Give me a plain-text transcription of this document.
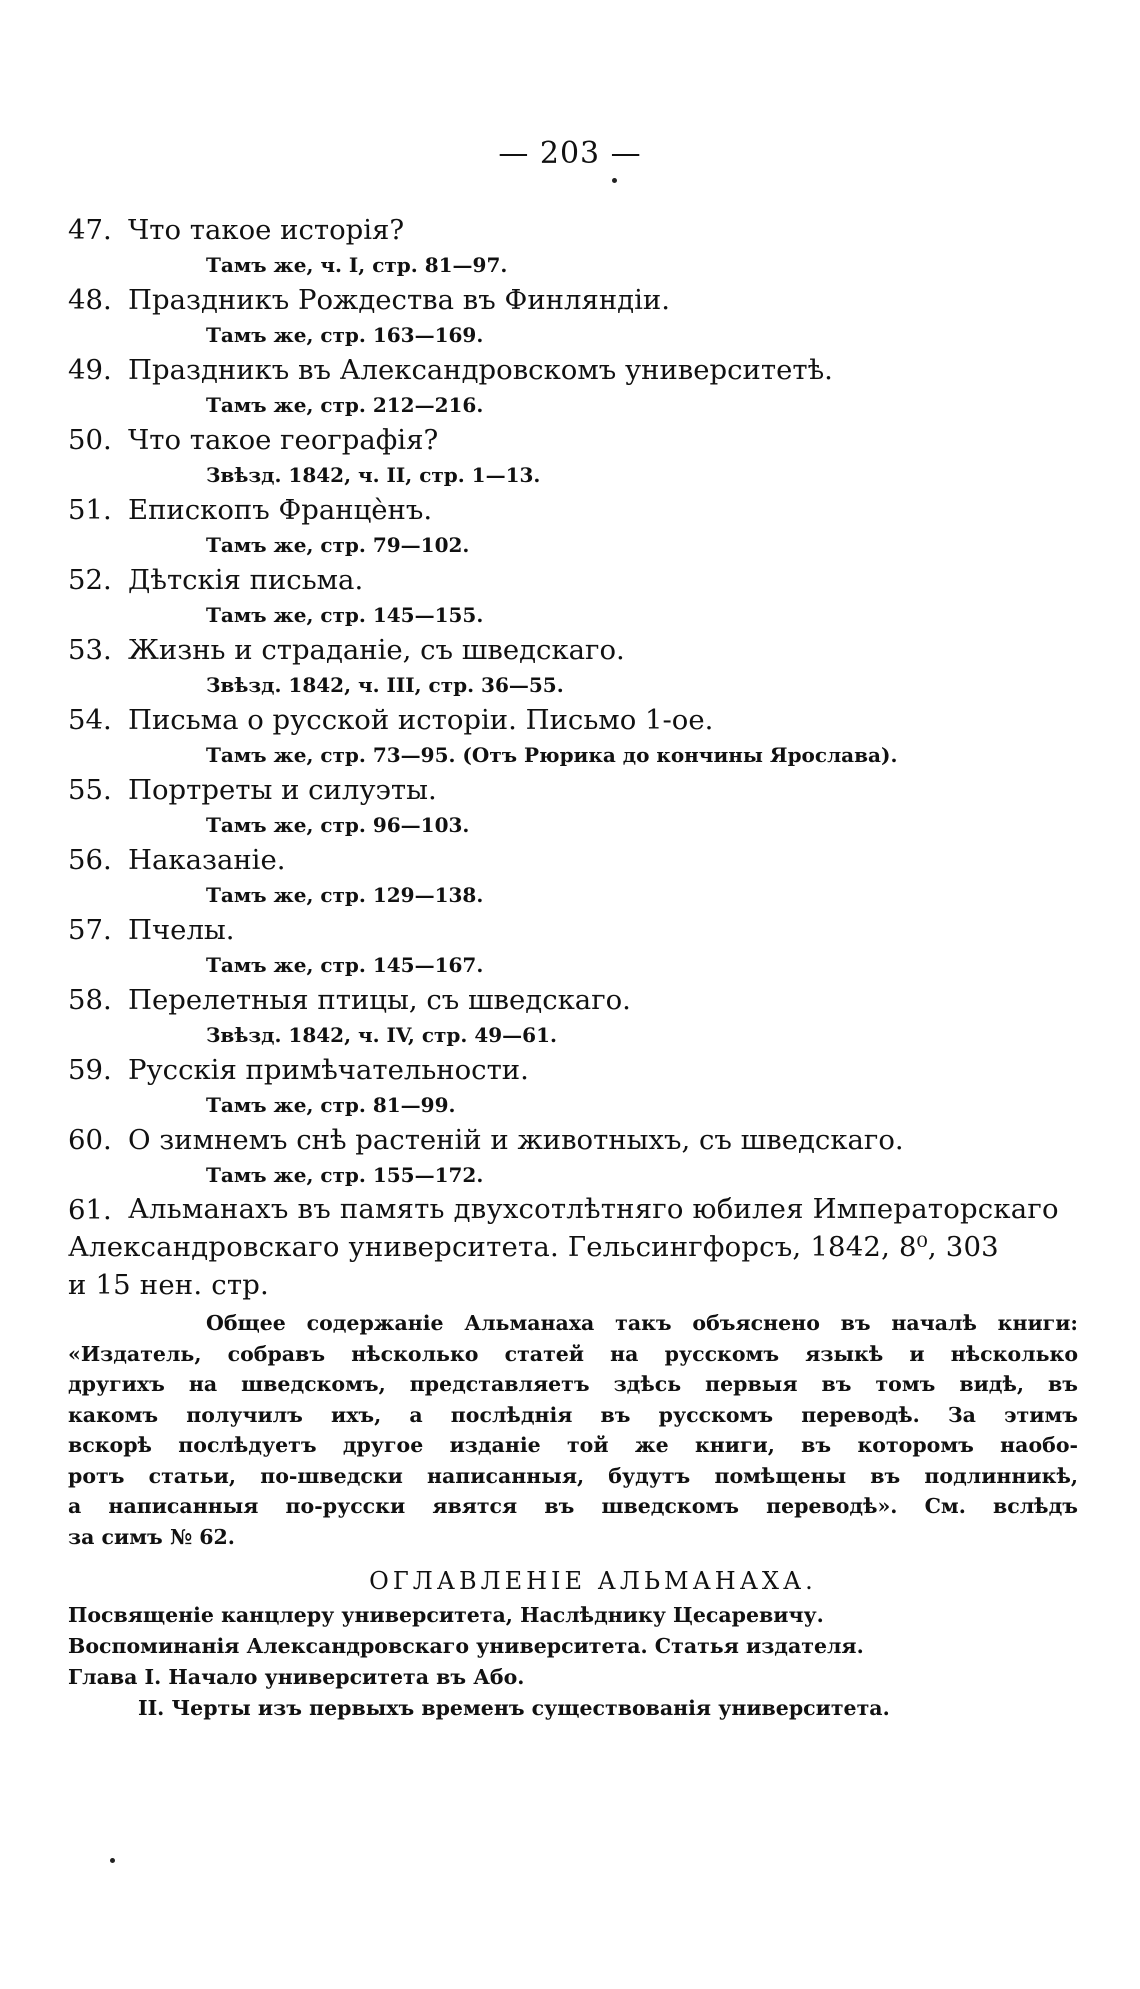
— 203 —
47. Что такое исторія?
Тамъ же, ч. I, стр. 81—97.
48. Праздникъ Рождества въ Финляндіи.
Тамъ же, стр. 163—169.
49. Праздникъ въ Александровскомъ университетѣ.
Тамъ же, стр. 212—216.
50. Что такое географія?
Звѣзд. 1842, ч. II, стр. 1—13.
51. Епископъ Францѐнъ.
Тамъ же, стр. 79—102.
52. Дѣтскія письма.
Тамъ же, стр. 145—155.
53. Жизнь и страданіе, съ шведскаго.
Звѣзд. 1842, ч. III, стр. 36—55.
54. Письма о русской исторіи. Письмо 1-ое.
Тамъ же, стр. 73—95. (Отъ Рюрика до кончины Ярослава).
55. Портреты и силуэты.
Тамъ же, стр. 96—103.
56. Наказаніе.
Тамъ же, стр. 129—138.
57. Пчелы.
Тамъ же, стр. 145—167.
58. Перелетныя птицы, съ шведскаго.
Звѣзд. 1842, ч. IV, стр. 49—61.
59. Русскія примѣчательности.
Тамъ же, стр. 81—99.
60. О зимнемъ снѣ растеній и животныхъ, съ шведскаго.
Тамъ же, стр. 155—172.
61. Альманахъ въ память двухсотлѣтняго юбилея Императорскаго
Александровскаго университета. Гельсингфорсъ, 1842, 8⁰, 303
и 15 нен. стр.
Общее содержаніе Альманаха такъ объяснено въ началѣ книги:
«Издатель, собравъ нѣсколько статей на русскомъ языкѣ и нѣсколько
другихъ на шведскомъ, представляетъ здѣсь первыя въ томъ видѣ, въ
какомъ получилъ ихъ, а послѣднія въ русскомъ переводѣ. За этимъ
вскорѣ послѣдуетъ другое изданіе той же книги, въ которомъ наобо-
ротъ статьи, по-шведски написанныя, будутъ помѣщены въ подлинникѣ,
а написанныя по-русски явятся въ шведскомъ переводѣ». См. вслѣдъ
за симъ № 62.
ОГЛАВЛЕНІЕ АЛЬМАНАХА.
Посвященіе канцлеру университета, Наслѣднику Цесаревичу.
Воспоминанія Александровскаго университета. Статья издателя.
Глава I. Начало университета въ Або.
II. Черты изъ первыхъ временъ существованія университета.
